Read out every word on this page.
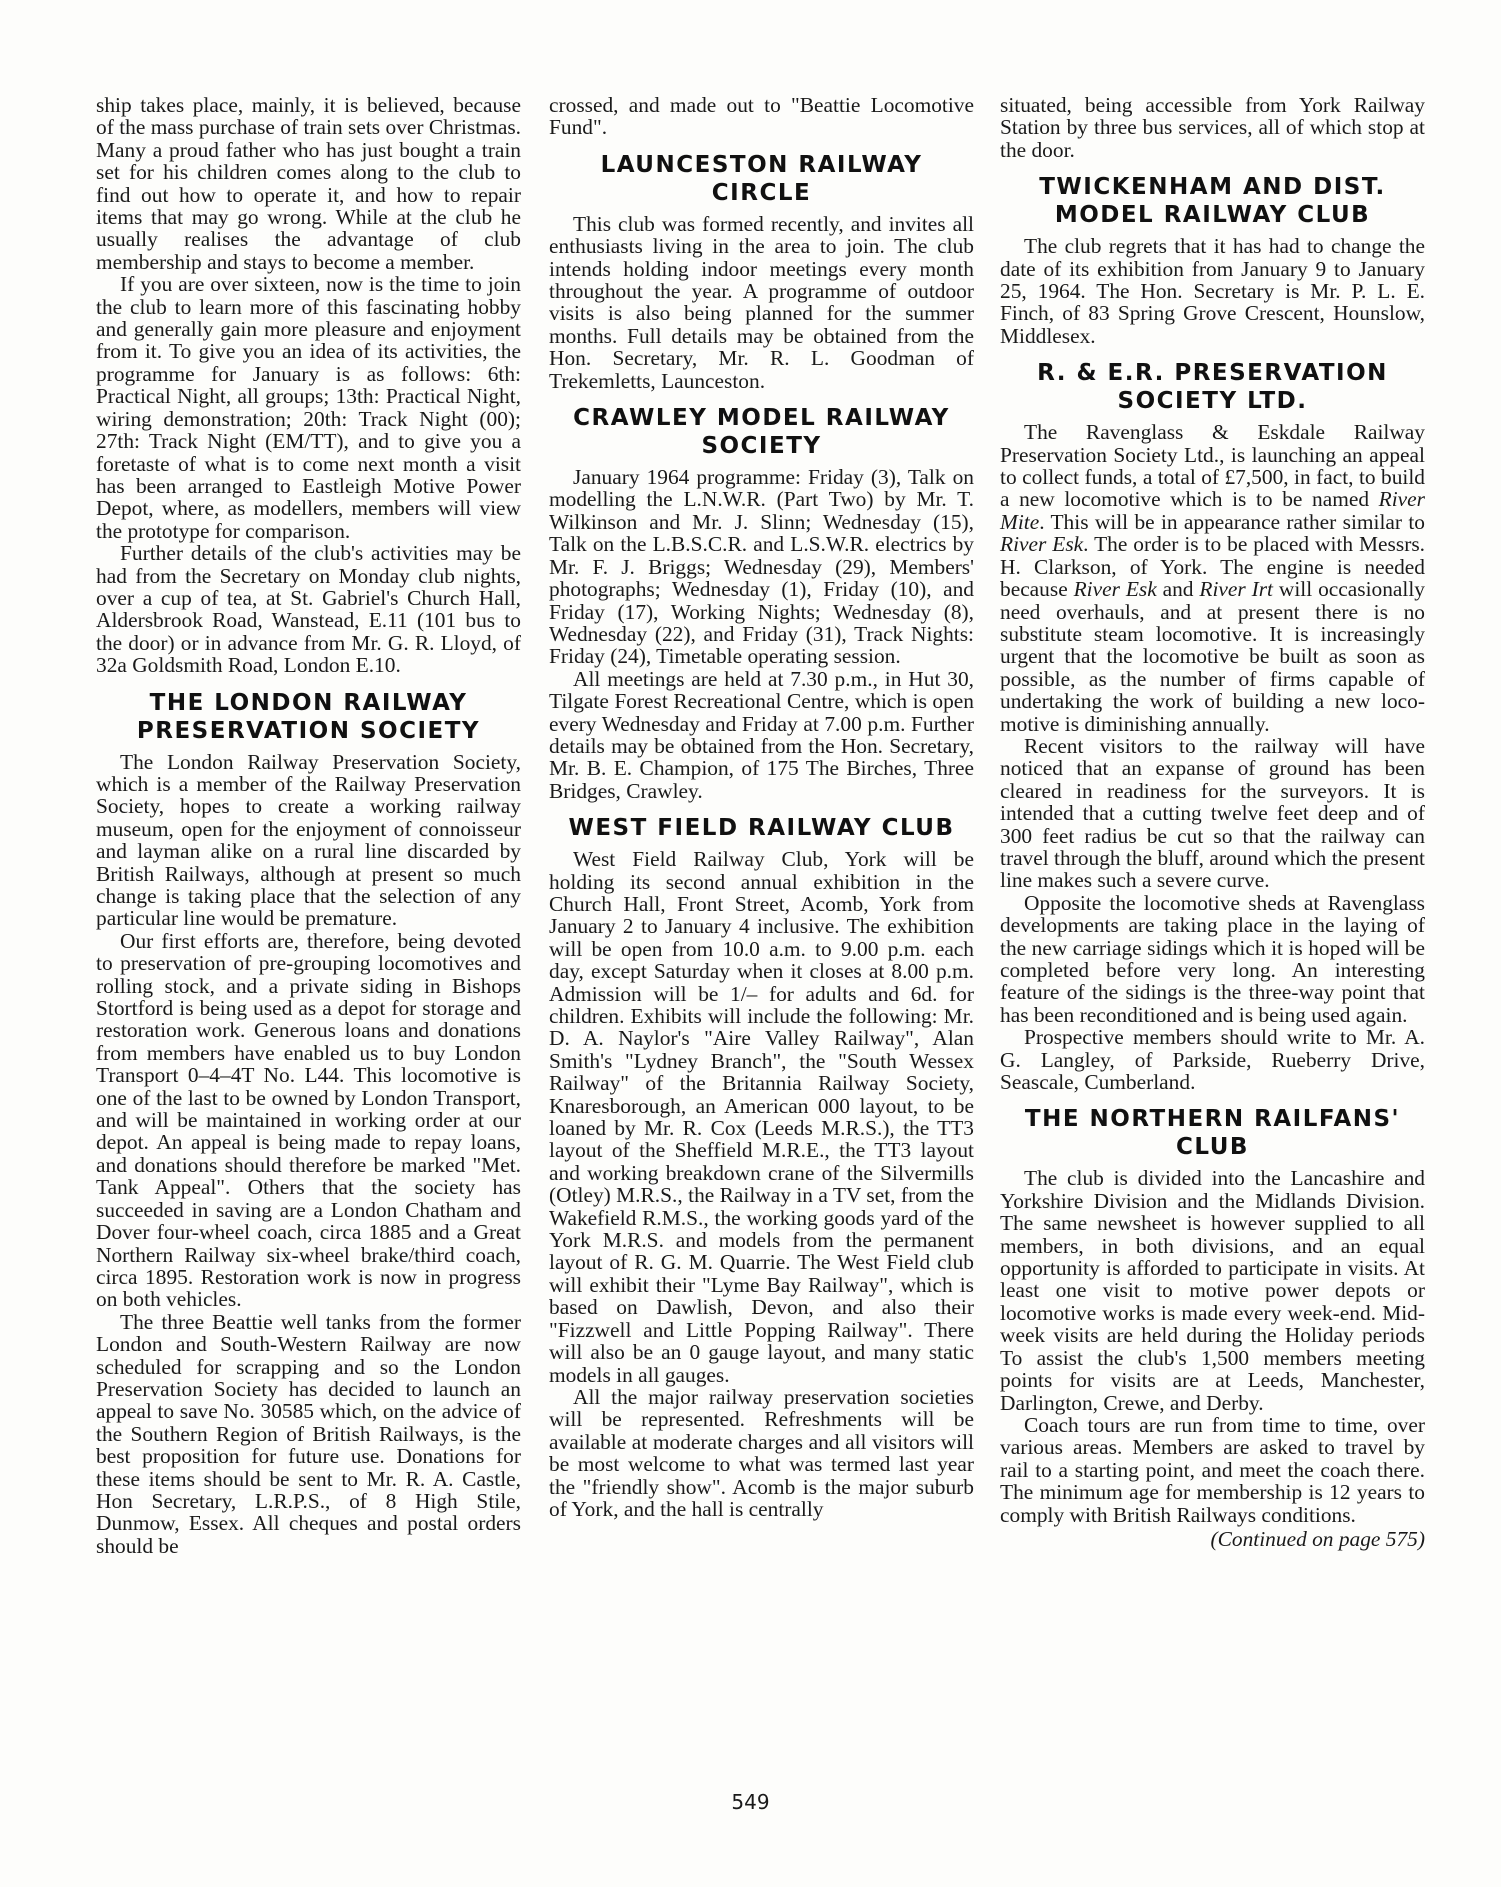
ship takes place, mainly, it is believed, because of the mass purchase of train sets over Christmas. Many a proud father who has just bought a train set for his children comes along to the club to find out how to operate it, and how to repair items that may go wrong. While at the club he usually realises the advantage of club membership and stays to become a member.

If you are over sixteen, now is the time to join the club to learn more of this fascinating hobby and generally gain more pleasure and enjoyment from it. To give you an idea of its activities, the programme for January is as follows: 6th: Practical Night, all groups; 13th: Practical Night, wiring demonstration; 20th: Track Night (00); 27th: Track Night (EM/TT), and to give you a foretaste of what is to come next month a visit has been arranged to Eastleigh Motive Power Depot, where, as modellers, members will view the prototype for comparison.

Further details of the club's activities may be had from the Secretary on Monday club nights, over a cup of tea, at St. Gabriel's Church Hall, Aldersbrook Road, Wanstead, E.11 (101 bus to the door) or in advance from Mr. G. R. Lloyd, of 32a Goldsmith Road, London E.10.

THE LONDON RAILWAY PRESERVATION SOCIETY

The London Railway Preservation Society, which is a member of the Railway Preservation Society, hopes to create a working railway museum, open for the enjoyment of connoisseur and layman alike on a rural line discarded by British Railways, although at present so much change is taking place that the selection of any particular line would be premature.

Our first efforts are, therefore, being devoted to preservation of pre-grouping locomotives and rolling stock, and a private siding in Bishops Stortford is being used as a depot for storage and restoration work. Generous loans and donations from members have enabled us to buy London Transport 0–4–4T No. L44. This locomotive is one of the last to be owned by London Transport, and will be maintained in working order at our depot. An appeal is being made to repay loans, and donations should therefore be marked "Met. Tank Appeal". Others that the society has succeeded in saving are a London Chatham and Dover four-wheel coach, circa 1885 and a Great Northern Railway six-wheel brake/third coach, circa 1895. Restoration work is now in progress on both vehicles.

The three Beattie well tanks from the former London and South-Western Railway are now scheduled for scrapping and so the London Preservation Society has decided to launch an appeal to save No. 30585 which, on the advice of the Southern Region of British Railways, is the best proposition for future use. Donations for these items should be sent to Mr. R. A. Castle, Hon Secretary, L.R.P.S., of 8 High Stile, Dunmow, Essex. All cheques and postal orders should be

crossed, and made out to "Beattie Locomotive Fund".

LAUNCESTON RAILWAY CIRCLE

This club was formed recently, and invites all enthusiasts living in the area to join. The club intends holding indoor meetings every month throughout the year. A programme of outdoor visits is also being planned for the summer months. Full details may be obtained from the Hon. Secretary, Mr. R. L. Goodman of Trekemletts, Launceston.

CRAWLEY MODEL RAILWAY SOCIETY

January 1964 programme: Friday (3), Talk on modelling the L.N.W.R. (Part Two) by Mr. T. Wilkinson and Mr. J. Slinn; Wednesday (15), Talk on the L.B.S.C.R. and L.S.W.R. electrics by Mr. F. J. Briggs; Wednesday (29), Members' photographs; Wednesday (1), Friday (10), and Friday (17), Working Nights; Wednesday (8), Wednesday (22), and Friday (31), Track Nights: Friday (24), Timetable operating session.

All meetings are held at 7.30 p.m., in Hut 30, Tilgate Forest Recreational Centre, which is open every Wednesday and Friday at 7.00 p.m. Further details may be obtained from the Hon. Secretary, Mr. B. E. Champion, of 175 The Birches, Three Bridges, Crawley.

WEST FIELD RAILWAY CLUB

West Field Railway Club, York will be holding its second annual exhibition in the Church Hall, Front Street, Acomb, York from January 2 to January 4 inclusive. The exhibition will be open from 10.0 a.m. to 9.00 p.m. each day, except Saturday when it closes at 8.00 p.m. Admission will be 1/– for adults and 6d. for children. Exhibits will include the following: Mr. D. A. Naylor's "Aire Valley Railway", Alan Smith's "Lydney Branch", the "South Wessex Railway" of the Britannia Railway Society, Knaresborough, an American 000 layout, to be loaned by Mr. R. Cox (Leeds M.R.S.), the TT3 layout of the Sheffield M.R.E., the TT3 layout and working breakdown crane of the Silvermills (Otley) M.R.S., the Railway in a TV set, from the Wakefield R.M.S., the working goods yard of the York M.R.S. and models from the permanent layout of R. G. M. Quarrie. The West Field club will exhibit their "Lyme Bay Railway", which is based on Dawlish, Devon, and also their "Fizzwell and Little Popping Railway". There will also be an 0 gauge layout, and many static models in all gauges.

All the major railway preservation societies will be represented. Refreshments will be available at moderate charges and all visitors will be most welcome to what was termed last year the "friendly show". Acomb is the major suburb of York, and the hall is centrally

situated, being accessible from York Railway Station by three bus services, all of which stop at the door.

TWICKENHAM AND DIST. MODEL RAILWAY CLUB

The club regrets that it has had to change the date of its exhibition from January 9 to January 25, 1964. The Hon. Secretary is Mr. P. L. E. Finch, of 83 Spring Grove Crescent, Hounslow, Middlesex.

R. & E.R. PRESERVATION SOCIETY LTD.

The Ravenglass & Eskdale Railway Preservation Society Ltd., is launching an appeal to collect funds, a total of £7,500, in fact, to build a new locomotive which is to be named River Mite. This will be in appearance rather similar to River Esk. The order is to be placed with Messrs. H. Clarkson, of York. The engine is needed because River Esk and River Irt will occasionally need overhauls, and at present there is no substitute steam locomotive. It is increasingly urgent that the locomotive be built as soon as possible, as the number of firms capable of undertaking the work of building a new locomotive is diminishing annually.

Recent visitors to the railway will have noticed that an expanse of ground has been cleared in readiness for the surveyors. It is intended that a cutting twelve feet deep and of 300 feet radius be cut so that the railway can travel through the bluff, around which the present line makes such a severe curve.

Opposite the locomotive sheds at Ravenglass developments are taking place in the laying of the new carriage sidings which it is hoped will be completed before very long. An interesting feature of the sidings is the three-way point that has been reconditioned and is being used again.

Prospective members should write to Mr. A. G. Langley, of Parkside, Rueberry Drive, Seascale, Cumberland.

THE NORTHERN RAILFANS' CLUB

The club is divided into the Lancashire and Yorkshire Division and the Midlands Division. The same newsheet is however supplied to all members, in both divisions, and an equal opportunity is afforded to participate in visits. At least one visit to motive power depots or locomotive works is made every week-end. Midweek visits are held during the Holiday periods To assist the club's 1,500 members meeting points for visits are at Leeds, Manchester, Darlington, Crewe, and Derby.

Coach tours are run from time to time, over various areas. Members are asked to travel by rail to a starting point, and meet the coach there. The minimum age for membership is 12 years to comply with British Railways conditions.

(Continued on page 575)

549
